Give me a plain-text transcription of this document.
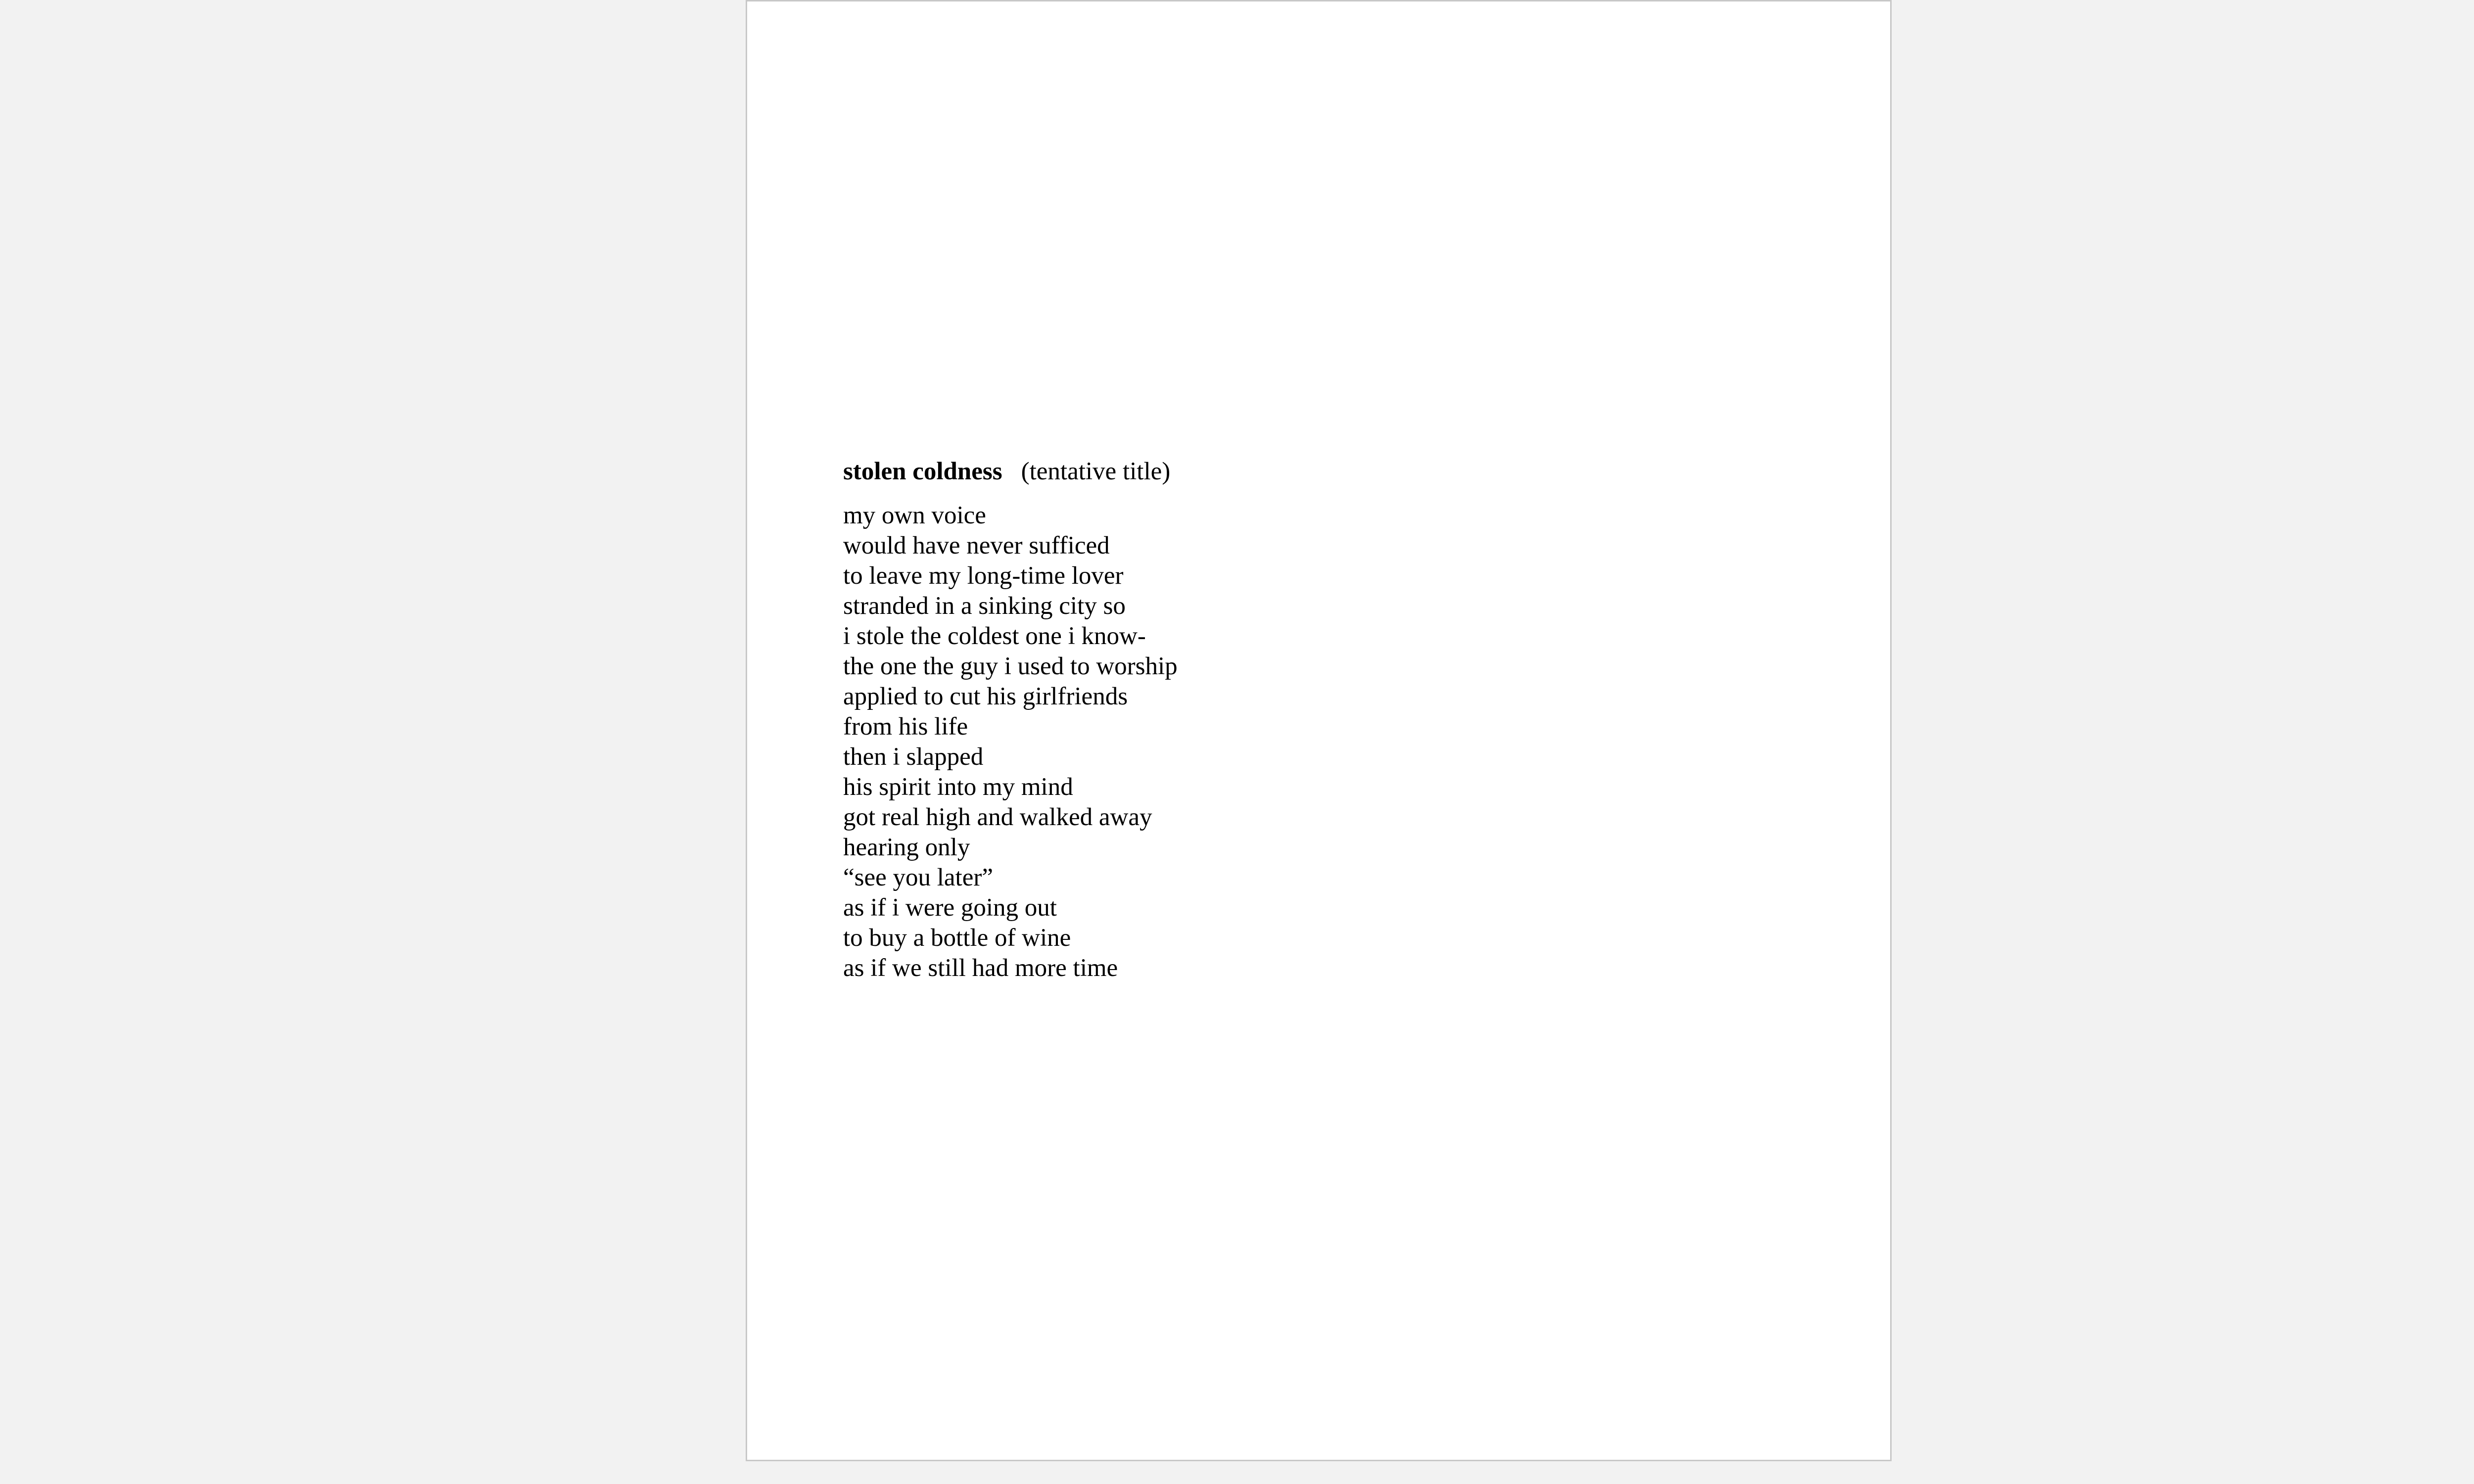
stolen coldness (tentative title)
my own voice
would have never sufficed
to leave my long-time lover
stranded in a sinking city so
i stole the coldest one i know-
the one the guy i used to worship
applied to cut his girlfriends
from his life
then i slapped
his spirit into my mind
got real high and walked away
hearing only
“see you later”
as if i were going out
to buy a bottle of wine
as if we still had more time
